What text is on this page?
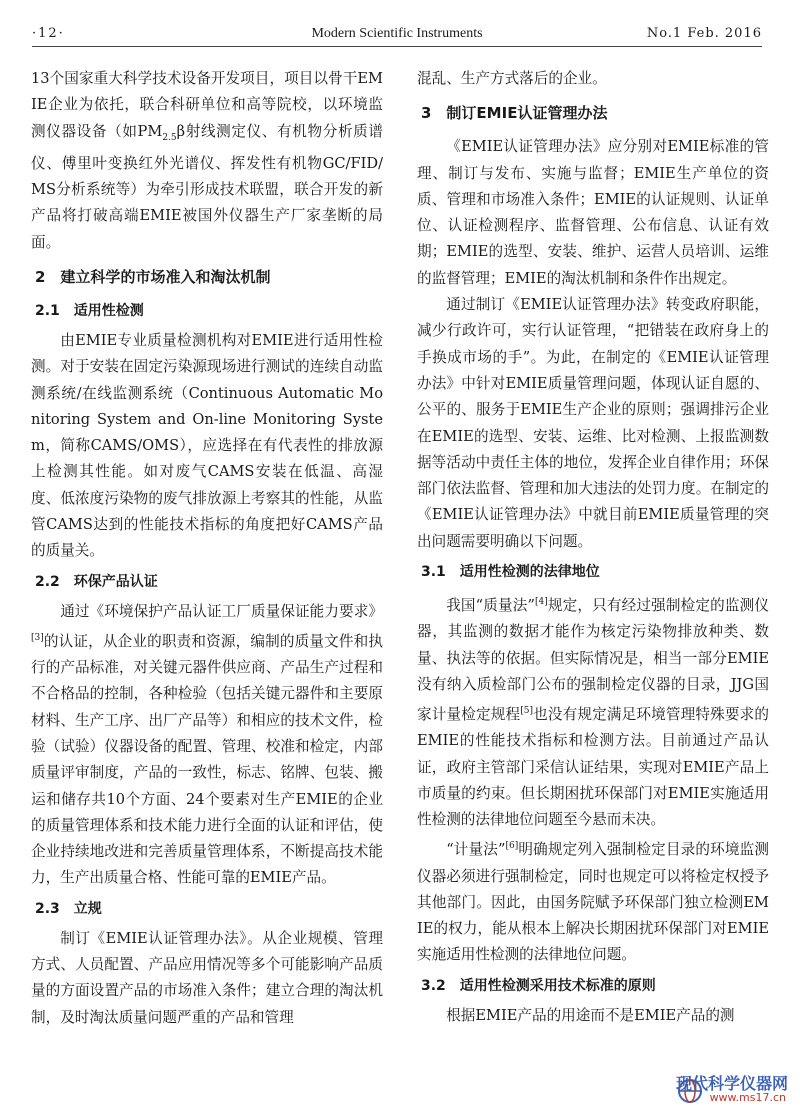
·12·	Modern Scientific Instruments	No.1 Feb. 2016

13个国家重大科学技术设备开发项目，项目以骨干EMIE企业为依托，联合科研单位和高等院校，以环境监测仪器设备（如$PM_{2.5}\beta$射线测定仪、有机物分析质谱仪、傅里叶变换红外光谱仪、挥发性有机物GC/FID/MS分析系统等）为牵引形成技术联盟，联合开发的新产品将打破高端EMIE被国外仪器生产厂家垄断的局面。

2　建立科学的市场准入和淘汰机制
2.1　适用性检测

由EMIE专业质量检测机构对EMIE进行适用性检测。对于安装在固定污染源现场进行测试的连续自动监测系统/在线监测系统（Continuous Automatic Monitoring System and On-line Monitoring System，简称CAMS/OMS），应选择在有代表性的排放源上检测其性能。如对废气CAMS安装在低温、高湿度、低浓度污染物的废气排放源上考察其的性能，从监管CAMS达到的性能技术指标的角度把好CAMS产品的质量关。

2.2　环保产品认证

通过《环境保护产品认证工厂质量保证能力要求》[3]的认证，从企业的职责和资源，编制的质量文件和执行的产品标准，对关键元器件供应商、产品生产过程和不合格品的控制，各种检验（包括关键元器件和主要原材料、生产工序、出厂产品等）和相应的技术文件，检验（试验）仪器设备的配置、管理、校准和检定，内部质量评审制度，产品的一致性，标志、铭牌、包装、搬运和储存共10个方面、24个要素对生产EMIE的企业的质量管理体系和技术能力进行全面的认证和评估，使企业持续地改进和完善质量管理体系，不断提高技术能力，生产出质量合格、性能可靠的EMIE产品。

2.3　立规

制订《EMIE认证管理办法》。从企业规模、管理方式、人员配置、产品应用情况等多个可能影响产品质量的方面设置产品的市场准入条件；建立合理的淘汰机制，及时淘汰质量问题严重的产品和管理

混乱、生产方式落后的企业。

3　制订EMIE认证管理办法

《EMIE认证管理办法》应分别对EMIE标准的管理、制订与发布、实施与监督；EMIE生产单位的资质、管理和市场准入条件；EMIE的认证规则、认证单位、认证检测程序、监督管理、公布信息、认证有效期；EMIE的选型、安装、维护、运营人员培训、运维的监督管理；EMIE的淘汰机制和条件作出规定。

通过制订《EMIE认证管理办法》转变政府职能，减少行政许可，实行认证管理，“把错装在政府身上的手换成市场的手”。为此，在制定的《EMIE认证管理办法》中针对EMIE质量管理问题，体现认证自愿的、公平的、服务于EMIE生产企业的原则；强调排污企业在EMIE的选型、安装、运维、比对检测、上报监测数据等活动中责任主体的地位，发挥企业自律作用；环保部门依法监督、管理和加大违法的处罚力度。在制定的《EMIE认证管理办法》中就目前EMIE质量管理的突出问题需要明确以下问题。

3.1　适用性检测的法律地位

我国“质量法”[4]规定，只有经过强制检定的监测仪器，其监测的数据才能作为核定污染物排放种类、数量、执法等的依据。但实际情况是，相当一部分EMIE没有纳入质检部门公布的强制检定仪器的目录，JJG国家计量检定规程[5]也没有规定满足环境管理特殊要求的EMIE的性能技术指标和检测方法。目前通过产品认证，政府主管部门采信认证结果，实现对EMIE产品上市质量的约束。但长期困扰环保部门对EMIE实施适用性检测的法律地位问题至今悬而未决。

“计量法”[6]明确规定列入强制检定目录的环境监测仪器必须进行强制检定，同时也规定可以将检定权授予其他部门。因此，由国务院赋予环保部门独立检测EMIE的权力，能从根本上解决长期困扰环保部门对EMIE实施适用性检测的法律地位问题。

3.2　适用性检测采用技术标准的原则

根据EMIE产品的用途而不是EMIE产品的测

现代科学仪器网
www.ms17.cn
